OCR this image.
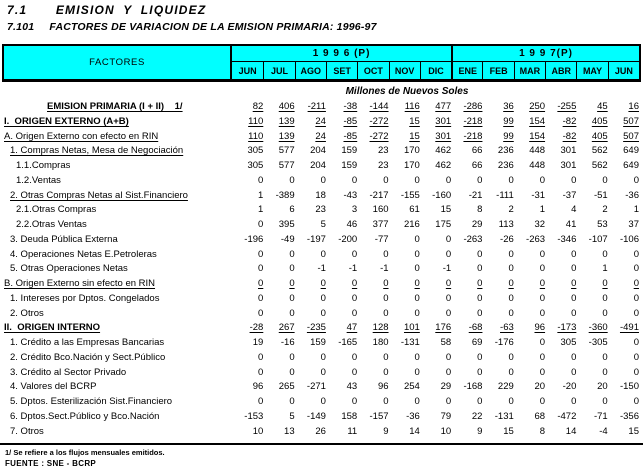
7.1 EMISION Y LIQUIDEZ
7.101 FACTORES DE VARIACION DE LA EMISION PRIMARIA: 1996-97
FACTORES
1 9 9 6 (P)	1 9 9 7(P)
JUN	JUL	AGO	SET	OCT	NOV	DIC	ENE	FEB	MAR	ABR	MAY	JUN
Millones de Nuevos Soles
EMISION PRIMARIA (I + II)    1/	82	406	-211	-38	-144	116	477	-286	36	250	-255	45	16
I.  ORIGEN EXTERNO (A+B)	110	139	24	-85	-272	15	301	-218	99	154	-82	405	507
A. Origen Externo con efecto en RIN	110	139	24	-85	-272	15	301	-218	99	154	-82	405	507
1. Compras Netas, Mesa de Negociación	305	577	204	159	23	170	462	66	236	448	301	562	649
1.1.Compras	305	577	204	159	23	170	462	66	236	448	301	562	649
1.2.Ventas	0	0	0	0	0	0	0	0	0	0	0	0	0
2. Otras Compras Netas al Sist.Financiero	1	-389	18	-43	-217	-155	-160	-21	-111	-31	-37	-51	-36
2.1.Otras Compras	1	6	23	3	160	61	15	8	2	1	4	2	1
2.2.Otras Ventas	0	395	5	46	377	216	175	29	113	32	41	53	37
3. Deuda Pública Externa	-196	-49	-197	-200	-77	0	0	-263	-26	-263	-346	-107	-106
4. Operaciones Netas E.Petroleras	0	0	0	0	0	0	0	0	0	0	0	0	0
5. Otras Operaciones Netas	0	0	-1	-1	-1	0	-1	0	0	0	0	1	0
B. Origen Externo sin efecto en RIN	0	0	0	0	0	0	0	0	0	0	0	0	0
1. Intereses por Dptos. Congelados	0	0	0	0	0	0	0	0	0	0	0	0	0
2. Otros	0	0	0	0	0	0	0	0	0	0	0	0	0
II.  ORIGEN INTERNO	-28	267	-235	47	128	101	176	-68	-63	96	-173	-360	-491
1. Crédito a las Empresas Bancarias	19	-16	159	-165	180	-131	58	69	-176	0	305	-305	0
2. Crédito Bco.Nación y Sect.Público	0	0	0	0	0	0	0	0	0	0	0	0	0
3. Crédito al Sector Privado	0	0	0	0	0	0	0	0	0	0	0	0	0
4. Valores del BCRP	96	265	-271	43	96	254	29	-168	229	20	-20	20	-150
5. Dptos. Esterilización Sist.Financiero	0	0	0	0	0	0	0	0	0	0	0	0	0
6. Dptos.Sect.Público y Bco.Nación	-153	5	-149	158	-157	-36	79	22	-131	68	-472	-71	-356
7. Otros	10	13	26	11	9	14	10	9	15	8	14	-4	15
1/ Se refiere a los flujos mensuales emitidos.
FUENTE : SNE - BCRP
